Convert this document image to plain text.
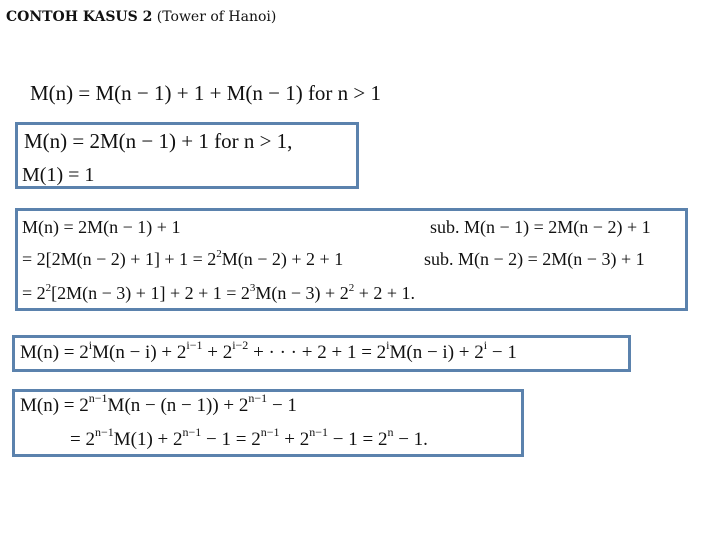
CONTOH KASUS 2 (Tower of Hanoi)
M(n) = M(n − 1) + 1 + M(n − 1) for n > 1
M(n) = 2M(n − 1) + 1 for n > 1,
M(1) = 1
M(n) = 2M(n − 1) + 1	sub. M(n − 1) = 2M(n − 2) + 1
= $2[2M(n - 2) + 1] + 1 = 2^2M(n - 2) + 2 + 1$	sub. M(n − 2) = 2M(n − 3) + 1
= $2^2[2M(n - 3) + 1] + 2 + 1 = 2^3M(n - 3) + 2^2 + 2 + 1$.
$M(n) = 2^iM(n - i) + 2^{i-1} + 2^{i-2}$ + · · · + $2 + 1 = 2^iM(n - i) + 2^i - 1$
$M(n) = 2^{n-1}M(n - (n - 1)) + 2^{n-1} - 1$
= $2^{n-1}M(1) + 2^{n-1} - 1 = 2^{n-1} + 2^{n-1} - 1 = 2^n - 1$.
